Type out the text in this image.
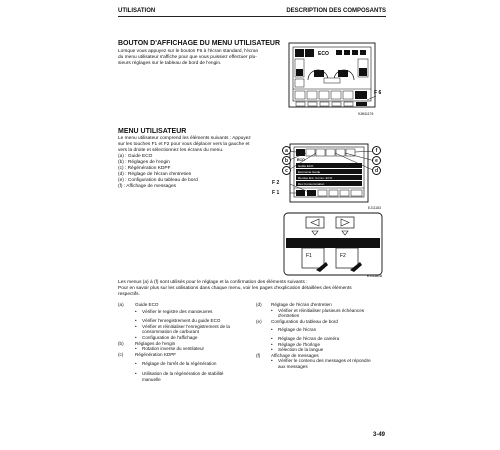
UTILISATION	DESCRIPTION DES COMPOSANTS
BOUTON D'AFFICHAGE DU MENU UTILISATEUR
Lorsque vous appuyez sur le bouton F6 à l'écran standard, l'écran
du menu utilisateur s'affiche pour que vous puissiez effectuer plu-
sieurs réglages sur le tableau de bord de l'engin.
ECO
F 6
9JM11176
MENU UTILISATEUR
Le menu utilisateur comprend les éléments suivants : Appuyez
sur les touches F1 et F2 pour vous déplacer vers la gauche et
vers la droite et sélectionnez les écrans du menu.
(a) : Guide ECO
(b) : Réglages de l'engin
(c) : Régénération KDPF
(d) : Réglage de l'écran d'entretien
(e) : Configuration du tableau de bord
(f) : Affichage de messages
ECO
Guide ECO
Economie Guide
Remise Enr. Comm. ECO
Rec Consommation
a
b
c
f
e
d
F 2
F 1
EJ11183
F1	F2
EJ11181A
Les menus (a) à (f) sont utilisés pour le réglage et la confirmation des éléments suivants :
Pour en savoir plus sur les utilisations dans chaque menu, voir les pages d'explication détaillées des éléments
respectifs.
(a) Guide ECO
• Vérifier le registre des manœuvres
• Vérifier l'enregistrement du guide ECO
• Vérifier et réinitialiser l'enregistrement de la
consommation de carburant
• Configuration de l'affichage
(b) Réglages de l'engin
• Rotation inverse du ventilateur
(c)	Régénération KDPF
• Réglage de l'arrêt de la régénération
• Utilisation de la régénération de stabilité
manuelle
(d) Réglage de l'écran d'entretien
• Vérifier et réinitialiser plusieurs échéances
d'entretien
(e) Configuration du tableau de bord
• Réglage de l'écran
• Réglage de l'écran de caméra
• Réglage de l'horloge
• Sélection de la langue
(f) Affichage de messages
• Vérifier le contenu des messages et répondre
aux messages
3-49
